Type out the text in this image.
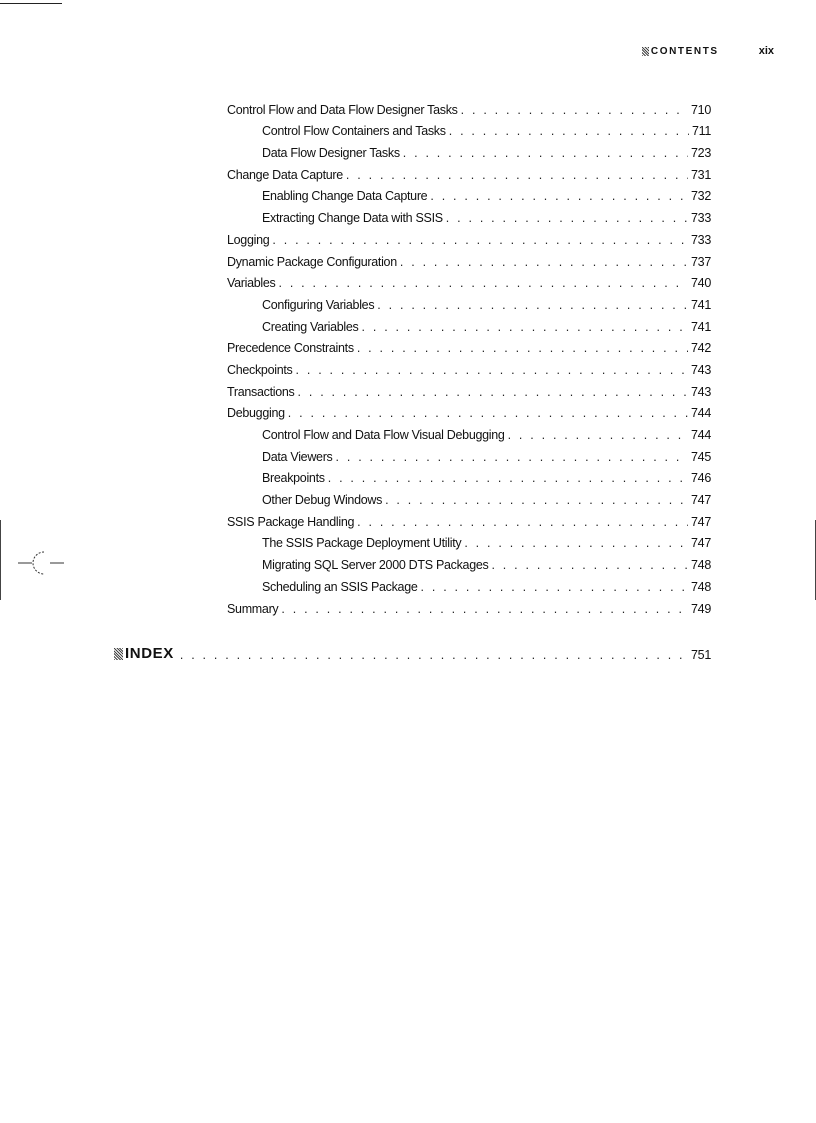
CONTENTS	xix
Control Flow and Data Flow Designer Tasks . . .	710
Control Flow Containers and Tasks . . .	711
Data Flow Designer Tasks . . .	723
Change Data Capture . . .	731
Enabling Change Data Capture . . .	732
Extracting Change Data with SSIS . . .	733
Logging . . .	733
Dynamic Package Configuration . . .	737
Variables . . .	740
Configuring Variables . . .	741
Creating Variables . . .	741
Precedence Constraints . . .	742
Checkpoints . . .	743
Transactions . . .	743
Debugging . . .	744
Control Flow and Data Flow Visual Debugging . . .	744
Data Viewers . . .	745
Breakpoints . . .	746
Other Debug Windows . . .	747
SSIS Package Handling . . .	747
The SSIS Package Deployment Utility . . .	747
Migrating SQL Server 2000 DTS Packages . . .	748
Scheduling an SSIS Package . . .	748
Summary . . .	749
INDEX . . .	751
